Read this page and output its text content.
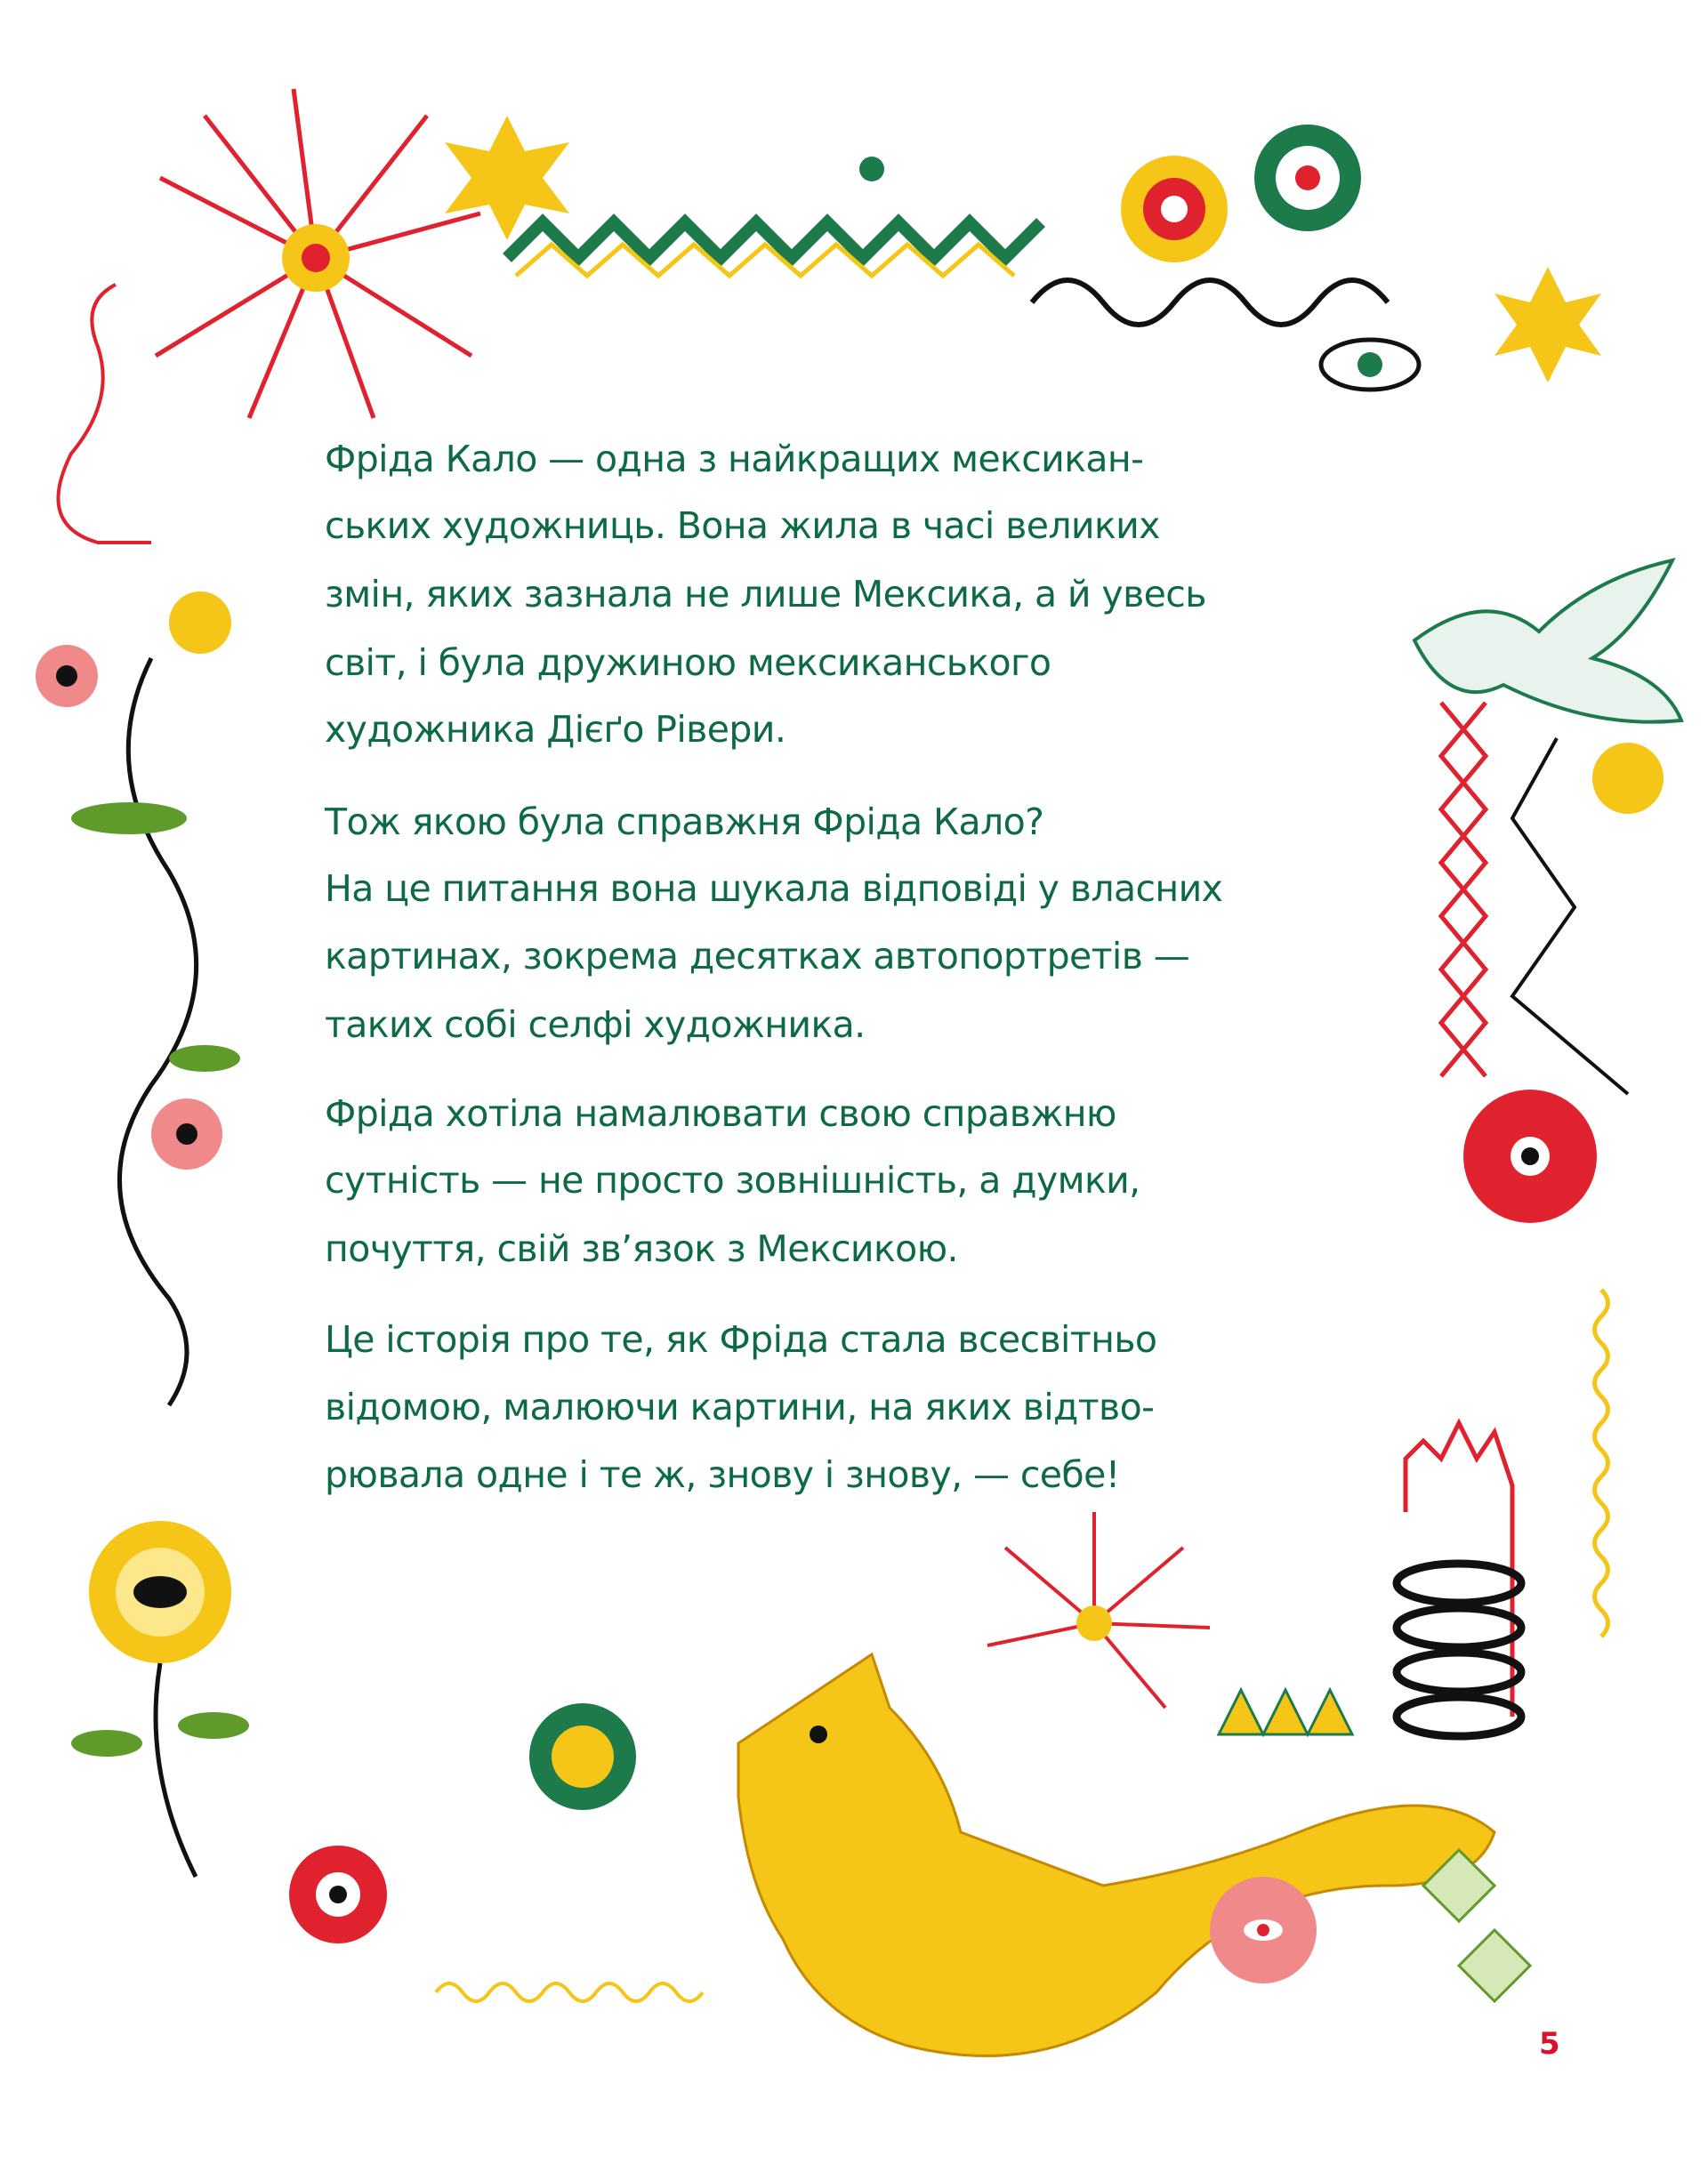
Фріда Кало — одна з найкращих мексикан-
ських художниць. Вона жила в часі великих
змін, яких зазнала не лише Мексика, а й увесь
світ, і була дружиною мексиканського
художника Дієґо Рівери.
Тож якою була справжня Фріда Кало?
На це питання вона шукала відповіді у власних
картинах, зокрема десятках автопортретів —
таких собі селфі художника.
Фріда хотіла намалювати свою справжню
сутність — не просто зовнішність, а думки,
почуття, свій зв’язок з Мексикою.
Це історія про те, як Фріда стала всесвітньо
відомою, малюючи картини, на яких відтво-
рювала одне і те ж, знову і знову, — себе!
5
